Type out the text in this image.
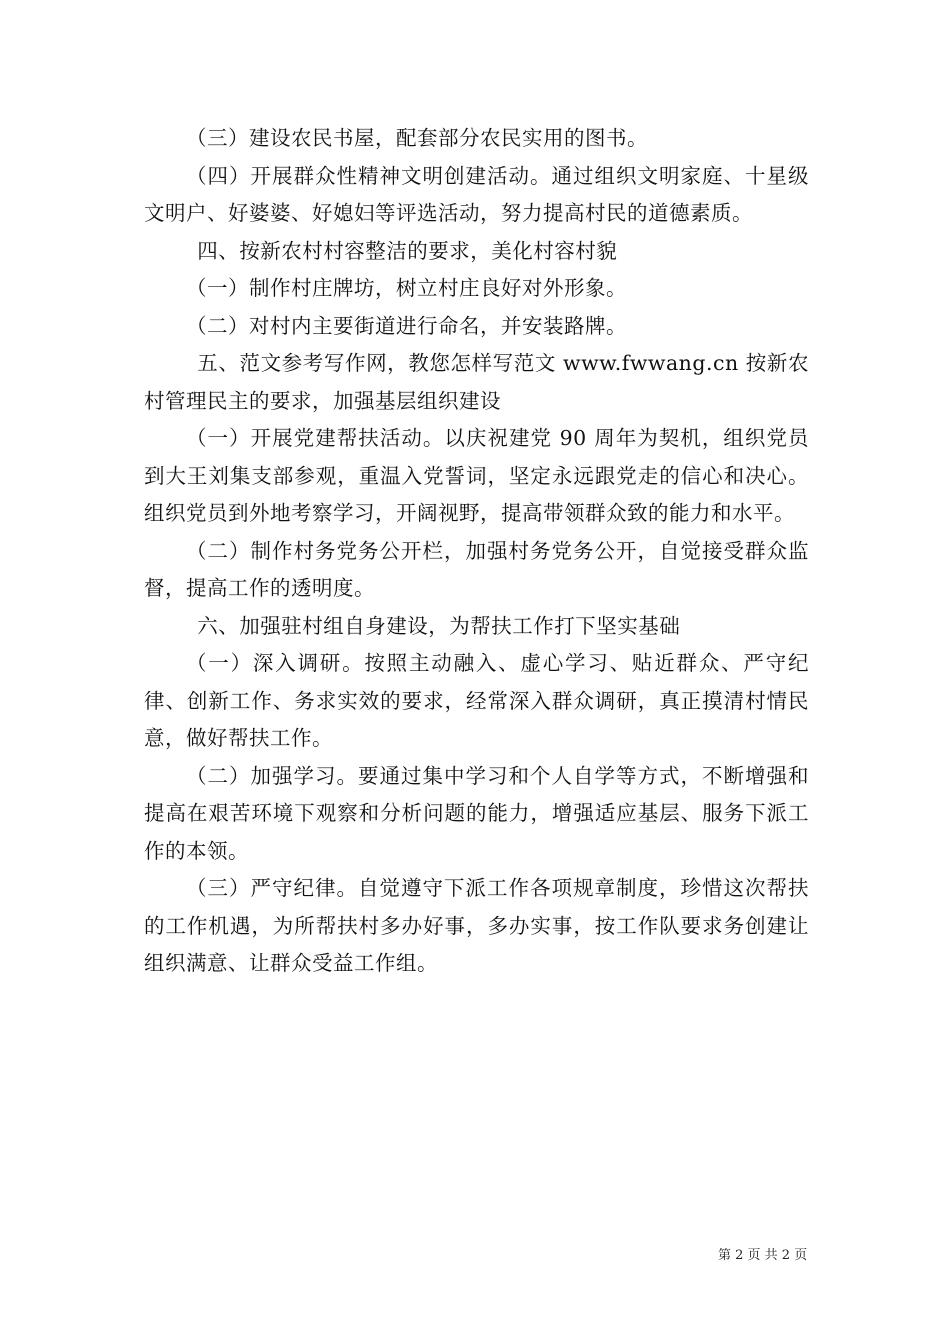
（三）建设农民书屋，配套部分农民实用的图书。

（四）开展群众性精神文明创建活动。通过组织文明家庭、十星级文明户、好婆婆、好媳妇等评选活动，努力提高村民的道德素质。

四、按新农村村容整洁的要求，美化村容村貌

（一）制作村庄牌坊，树立村庄良好对外形象。

（二）对村内主要街道进行命名，并安装路牌。

五、范文参考写作网，教您怎样写范文 www.fwwang.cn 按新农村管理民主的要求，加强基层组织建设

（一）开展党建帮扶活动。以庆祝建党 90 周年为契机，组织党员到大王刘集支部参观，重温入党誓词，坚定永远跟党走的信心和决心。组织党员到外地考察学习，开阔视野，提高带领群众致的能力和水平。

（二）制作村务党务公开栏，加强村务党务公开，自觉接受群众监督，提高工作的透明度。

六、加强驻村组自身建设，为帮扶工作打下坚实基础

（一）深入调研。按照主动融入、虚心学习、贴近群众、严守纪律、创新工作、务求实效的要求，经常深入群众调研，真正摸清村情民意，做好帮扶工作。

（二）加强学习。要通过集中学习和个人自学等方式，不断增强和提高在艰苦环境下观察和分析问题的能力，增强适应基层、服务下派工作的本领。

（三）严守纪律。自觉遵守下派工作各项规章制度，珍惜这次帮扶的工作机遇，为所帮扶村多办好事，多办实事，按工作队要求务创建让组织满意、让群众受益工作组。

第 2 页 共 2 页
